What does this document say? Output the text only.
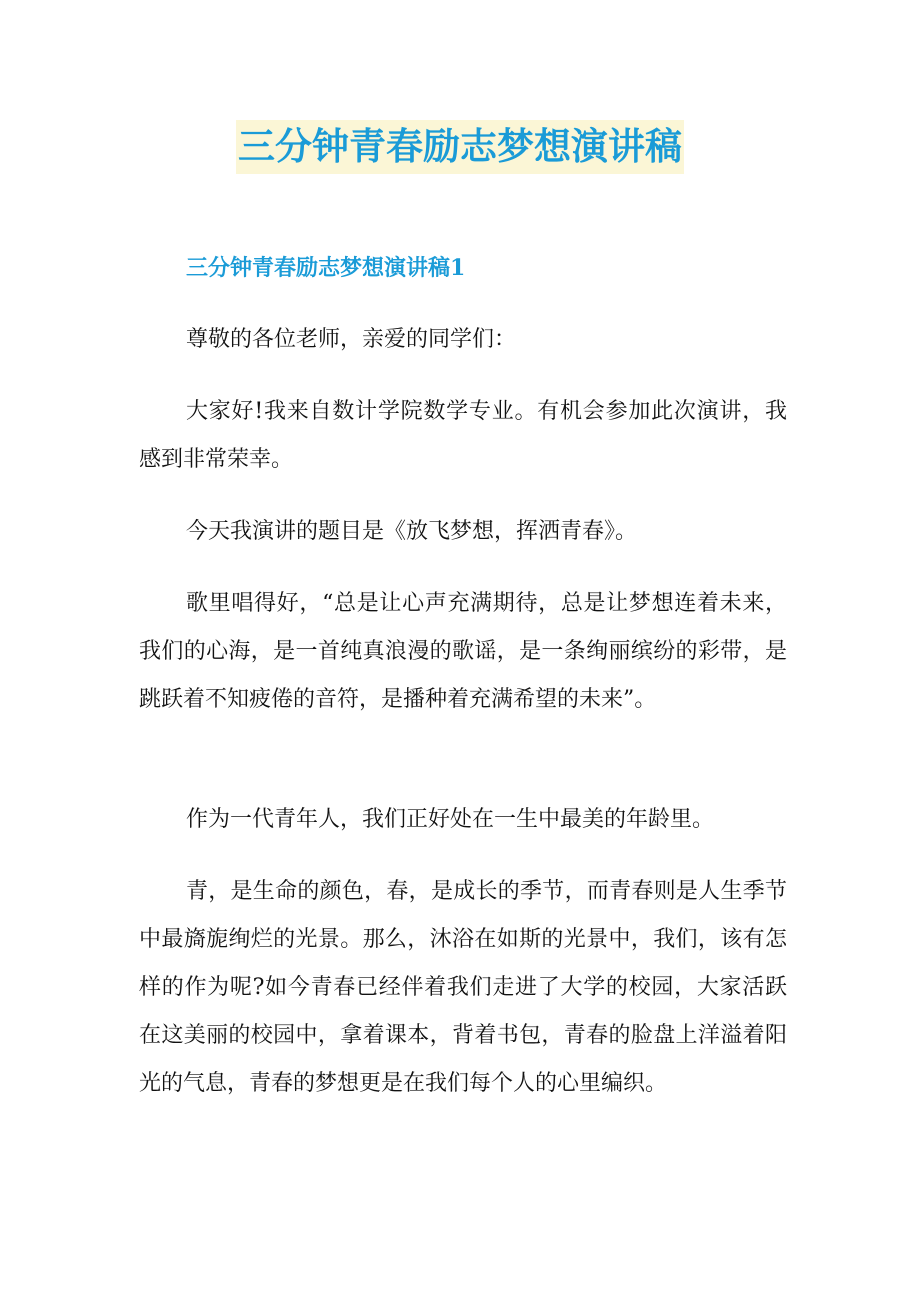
三分钟青春励志梦想演讲稿
三分钟青春励志梦想演讲稿1

尊敬的各位老师，亲爱的同学们：

大家好!我来自数计学院数学专业。有机会参加此次演讲，我感到非常荣幸。

今天我演讲的题目是《放飞梦想，挥洒青春》。

歌里唱得好，“总是让心声充满期待，总是让梦想连着未来，我们的心海，是一首纯真浪漫的歌谣，是一条绚丽缤纷的彩带，是跳跃着不知疲倦的音符，是播种着充满希望的未来”。

作为一代青年人，我们正好处在一生中最美的年龄里。

青，是生命的颜色，春，是成长的季节，而青春则是人生季节中最旖旎绚烂的光景。那么，沐浴在如斯的光景中，我们，该有怎样的作为呢?如今青春已经伴着我们走进了大学的校园，大家活跃在这美丽的校园中，拿着课本，背着书包，青春的脸盘上洋溢着阳光的气息，青春的梦想更是在我们每个人的心里编织。
